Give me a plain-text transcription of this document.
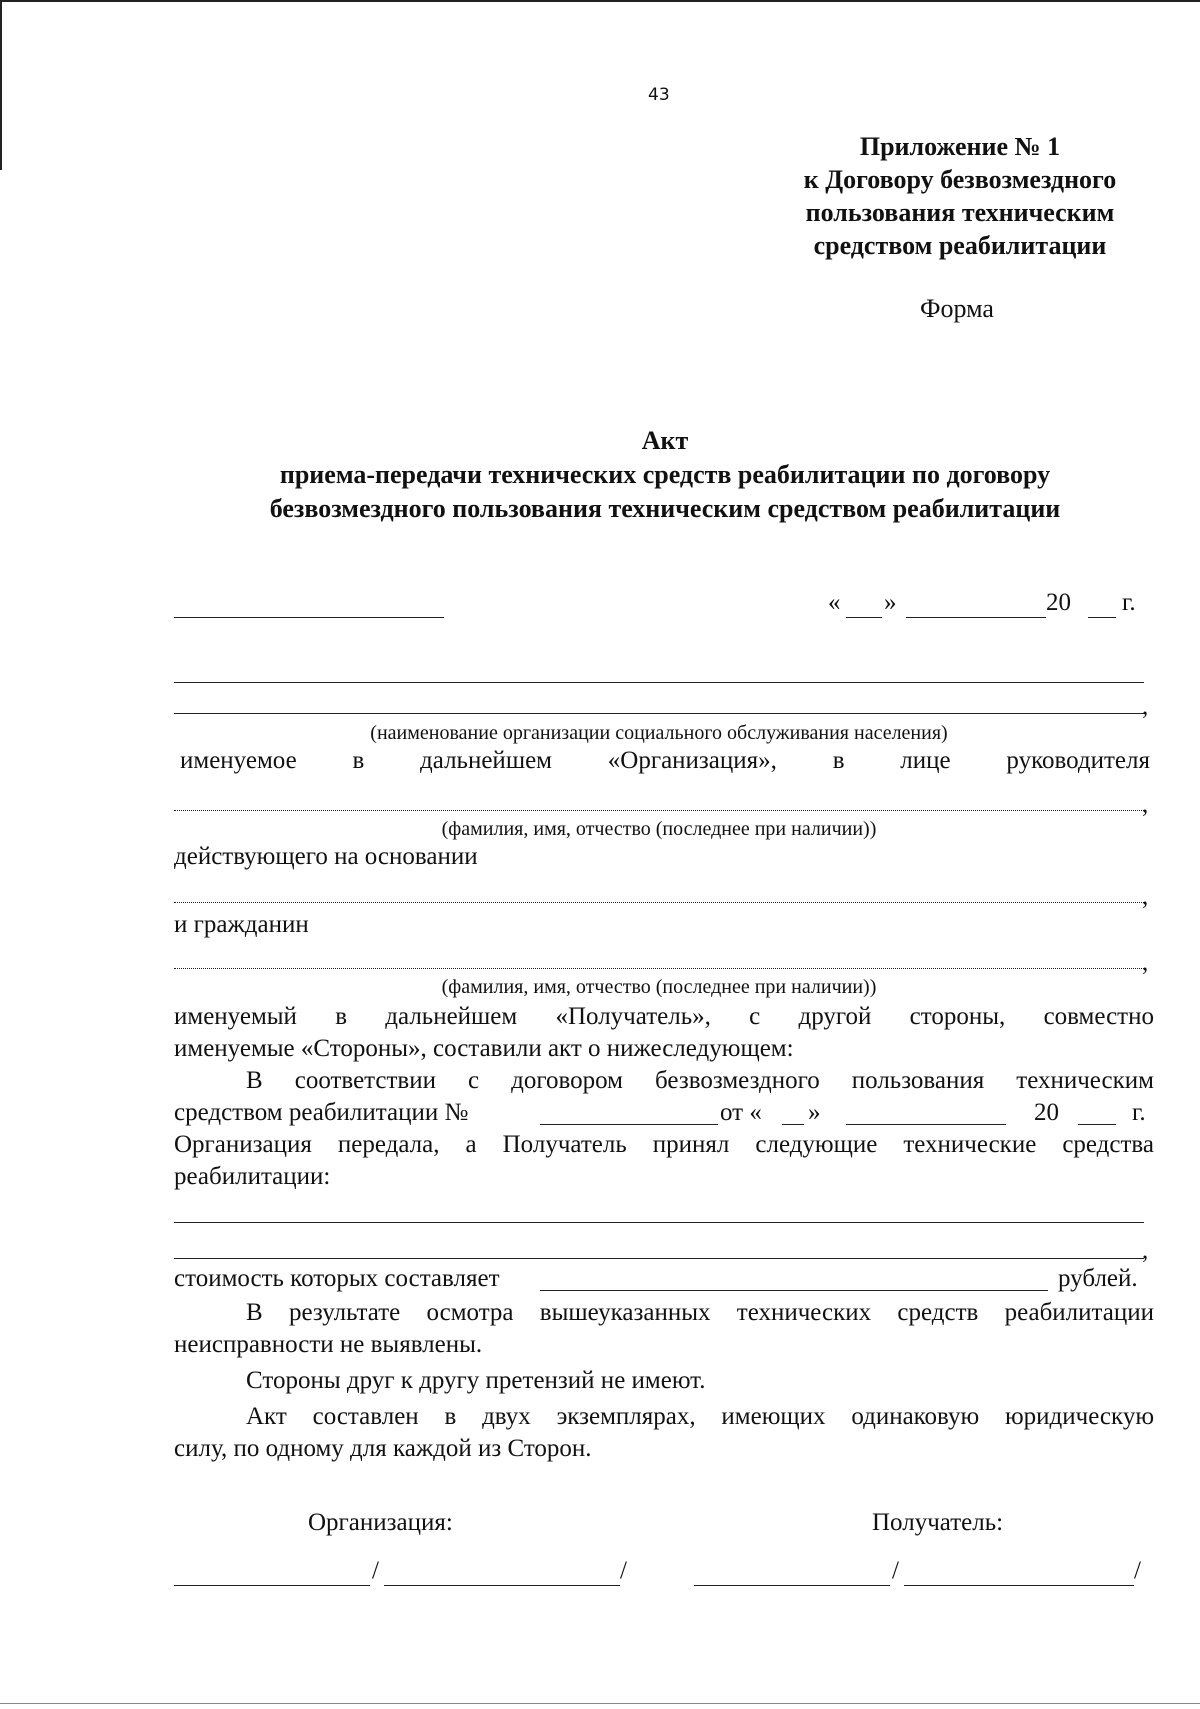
43
Приложение № 1
к Договору безвозмездного
пользования техническим
средством реабилитации
Форма
Акт
приема-передачи технических средств реабилитации по договору
безвозмездного пользования техническим средством реабилитации
« »	20 г.
,
(наименование организации социального обслуживания населения)
именуемое в дальнейшем «Организация», в лице руководителя
,
(фамилия, имя, отчество (последнее при наличии))
действующего на основании
,
и гражданин
,
(фамилия, имя, отчество (последнее при наличии))
именуемый в дальнейшем «Получатель», с другой стороны, совместно
именуемые «Стороны», составили акт о нижеследующем:
В соответствии с договором безвозмездного пользования техническим
средством реабилитации №	от « »	20	г.
Организация передала, а Получатель принял следующие технические средства
реабилитации:
,
стоимость которых составляет	рублей.
В результате осмотра вышеуказанных технических средств реабилитации
неисправности не выявлены.
Стороны друг к другу претензий не имеют.
Акт составлен в двух экземплярах, имеющих одинаковую юридическую
силу, по одному для каждой из Сторон.
Организация:	Получатель:
/	/	/	/
